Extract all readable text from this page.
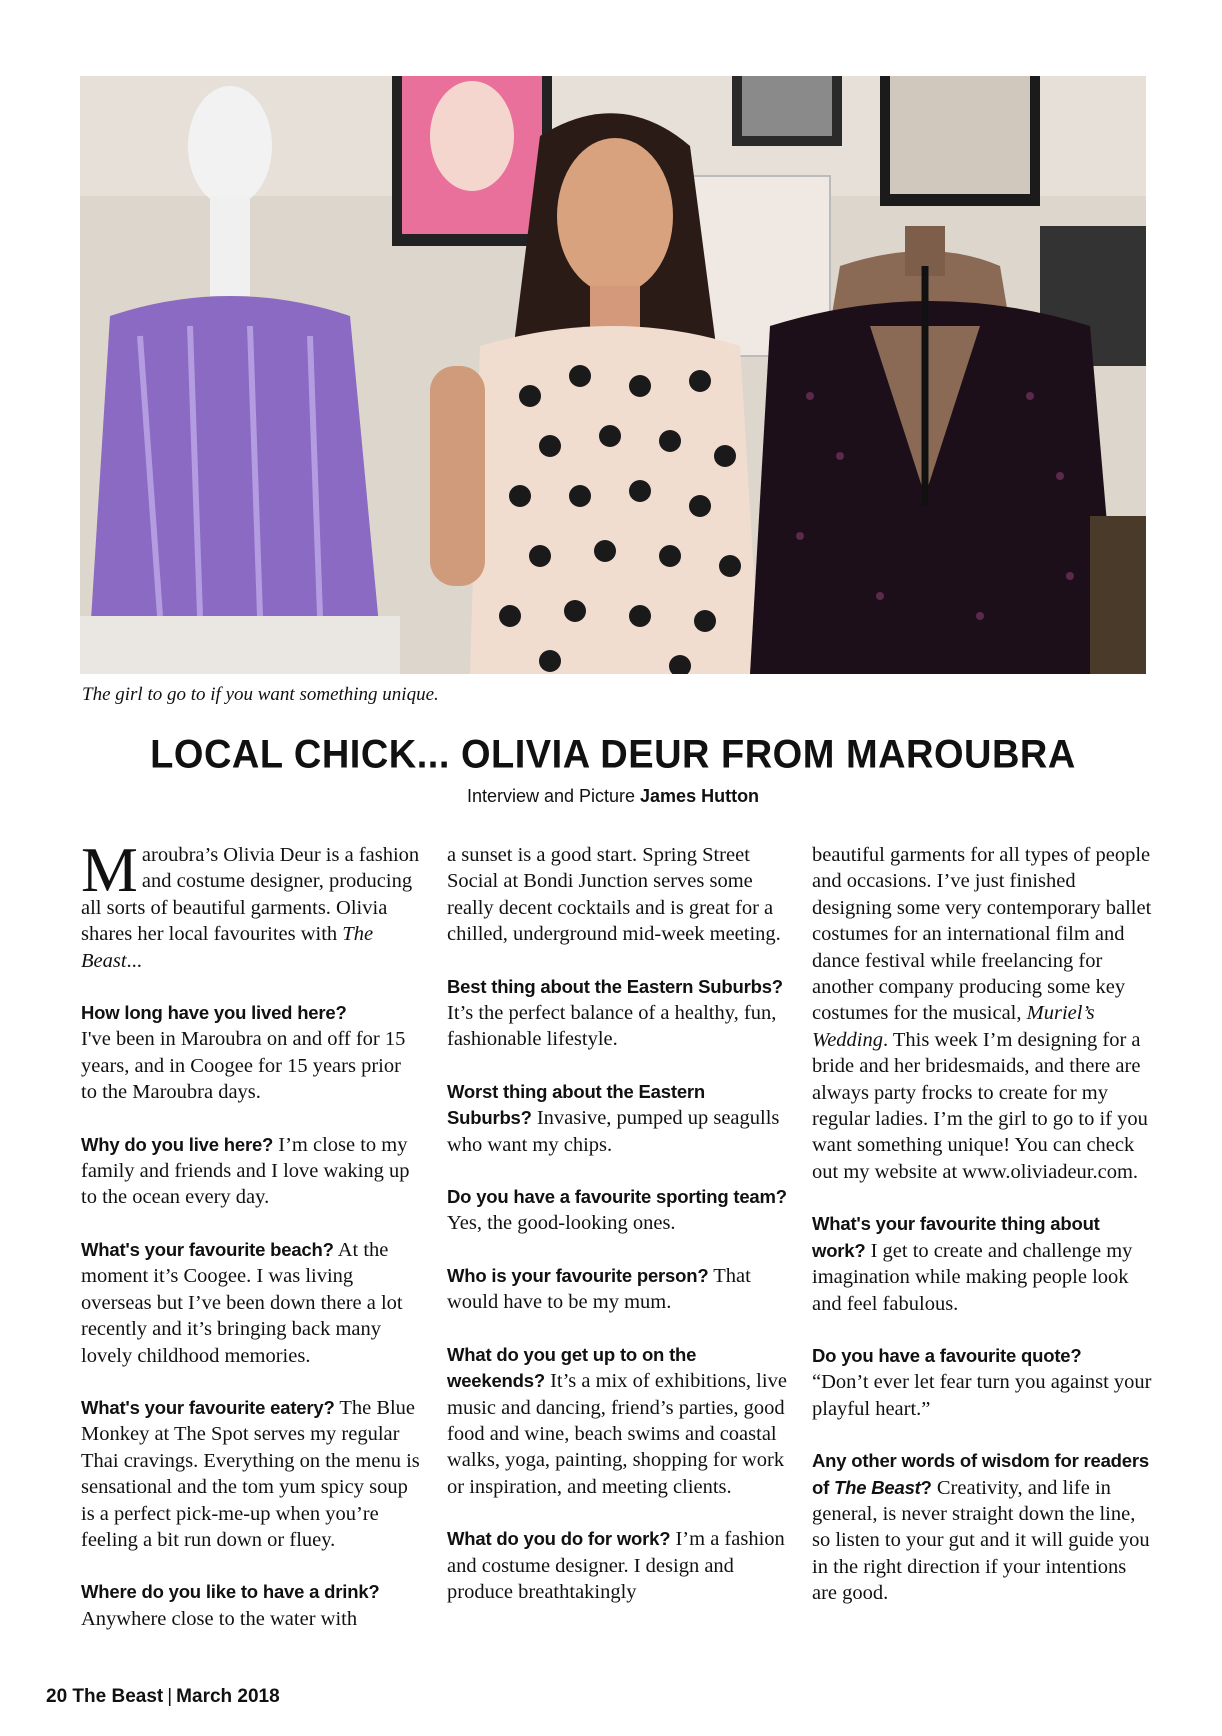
The girl to go to if you want something unique.
LOCAL CHICK... OLIVIA DEUR FROM MAROUBRA
Interview and Picture James Hutton

Maroubra’s Olivia Deur is a fashion and costume designer, producing all sorts of beautiful garments. Olivia shares her local favourites with The Beast...

How long have you lived here?
I've been in Maroubra on and off for 15 years, and in Coogee for 15 years prior to the Maroubra days.

Why do you live here? I’m close to my family and friends and I love waking up to the ocean every day.

What's your favourite beach? At the moment it’s Coogee. I was living overseas but I’ve been down there a lot recently and it’s bringing back many lovely childhood memories.

What's your favourite eatery? The Blue Monkey at The Spot serves my regular Thai cravings. Everything on the menu is sensational and the tom yum spicy soup is a perfect pick-me-up when you’re feeling a bit run down or fluey.

Where do you like to have a drink?
Anywhere close to the water with

a sunset is a good start. Spring Street Social at Bondi Junction serves some really decent cocktails and is great for a chilled, underground mid-week meeting.

Best thing about the Eastern Suburbs? It’s the perfect balance of a healthy, fun, fashionable lifestyle.

Worst thing about the Eastern Suburbs? Invasive, pumped up seagulls who want my chips.

Do you have a favourite sporting team? Yes, the good-looking ones.

Who is your favourite person? That would have to be my mum.

What do you get up to on the weekends? It’s a mix of exhibitions, live music and dancing, friend’s parties, good food and wine, beach swims and coastal walks, yoga, painting, shopping for work or inspiration, and meeting clients.

What do you do for work? I’m a fashion and costume designer. I design and produce breathtakingly

beautiful garments for all types of people and occasions. I’ve just finished designing some very contemporary ballet costumes for an international film and dance festival while freelancing for another company producing some key costumes for the musical, Muriel’s Wedding. This week I’m designing for a bride and her bridesmaids, and there are always party frocks to create for my regular ladies. I’m the girl to go to if you want something unique! You can check out my website at www.oliviadeur.com.

What's your favourite thing about work? I get to create and challenge my imagination while making people look and feel fabulous.

Do you have a favourite quote?
“Don’t ever let fear turn you against your playful heart.”

Any other words of wisdom for readers of The Beast? Creativity, and life in general, is never straight down the line, so listen to your gut and it will guide you in the right direction if your intentions are good.

20 The Beast | March 2018
